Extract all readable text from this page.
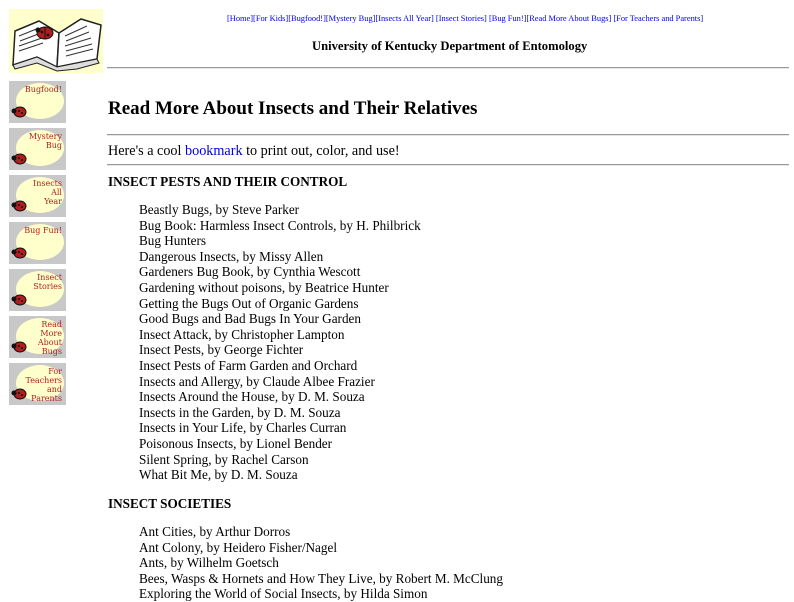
Bugfood!
Mystery
Bug
Insects
All
Year
Bug Fun!
Insect
Stories
Read More
About
Bugs
For
Teachers
and
Parents
[Home][For Kids][Bugfood!][Mystery Bug][Insects All Year] [Insect Stories] [Bug Fun!][Read More About Bugs] [For Teachers and Parents]
University of Kentucky Department of Entomology
Read More About Insects and Their Relatives
Here's a cool bookmark to print out, color, and use!
INSECT PESTS AND THEIR CONTROL
Beastly Bugs, by Steve Parker
Bug Book: Harmless Insect Controls, by H. Philbrick
Bug Hunters
Dangerous Insects, by Missy Allen
Gardeners Bug Book, by Cynthia Wescott
Gardening without poisons, by Beatrice Hunter
Getting the Bugs Out of Organic Gardens
Good Bugs and Bad Bugs In Your Garden
Insect Attack, by Christopher Lampton
Insect Pests, by George Fichter
Insect Pests of Farm Garden and Orchard
Insects and Allergy, by Claude Albee Frazier
Insects Around the House, by D. M. Souza
Insects in the Garden, by D. M. Souza
Insects in Your Life, by Charles Curran
Poisonous Insects, by Lionel Bender
Silent Spring, by Rachel Carson
What Bit Me, by D. M. Souza
INSECT SOCIETIES
Ant Cities, by Arthur Dorros
Ant Colony, by Heidero Fisher/Nagel
Ants, by Wilhelm Goetsch
Bees, Wasps & Hornets and How They Live, by Robert M. McClung
Exploring the World of Social Insects, by Hilda Simon
